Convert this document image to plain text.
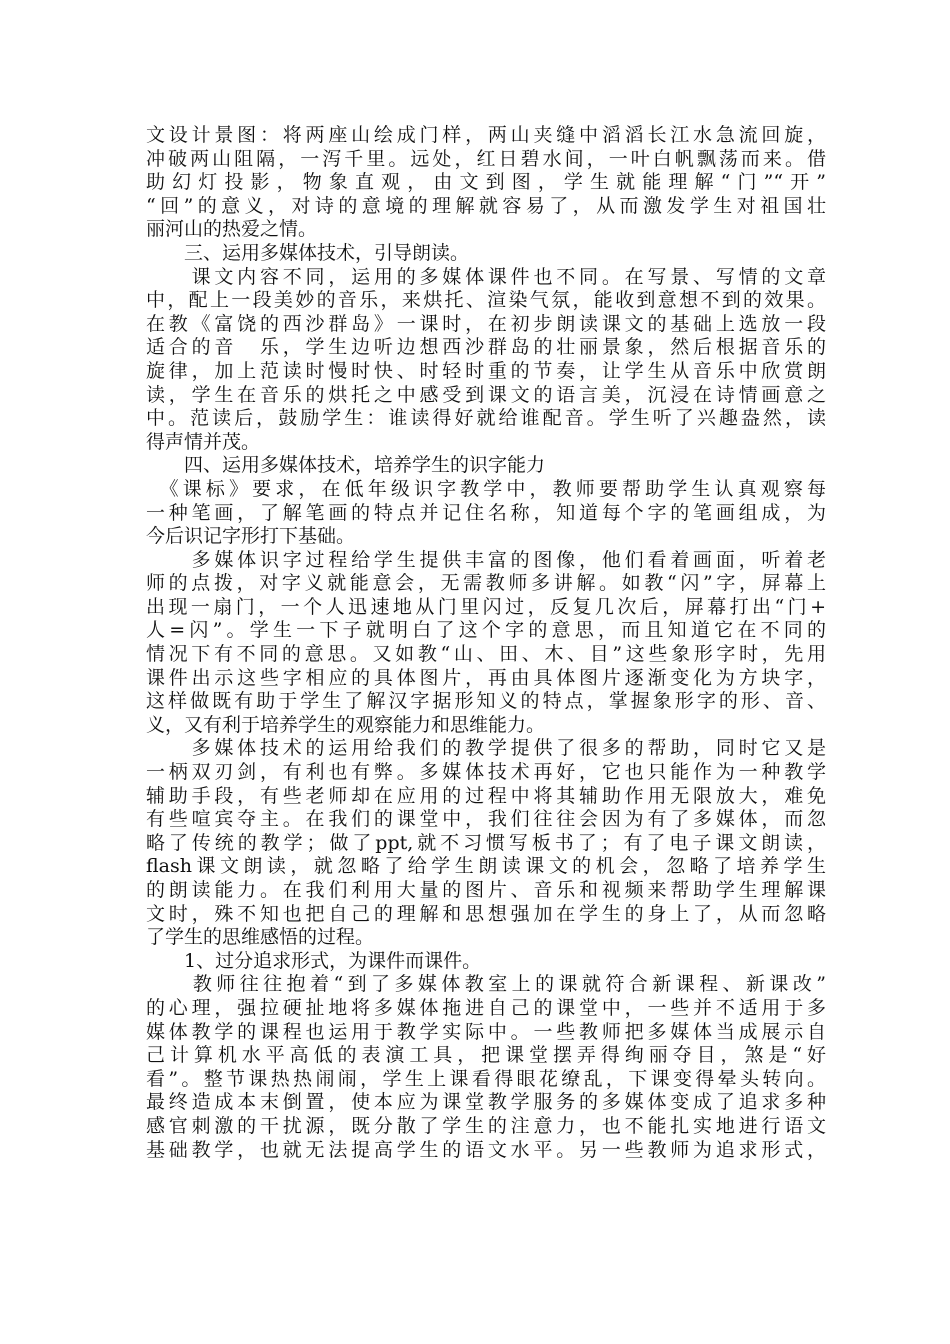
文设计景图：将两座山绘成门样，两山夹缝中滔滔长江水急流回旋，
冲破两山阻隔，一泻千里。远处，红日碧水间，一叶白帆飘荡而来。借
助幻灯投影，物象直观，由文到图，学生就能理解“门”“开”
“回”的意义，对诗的意境的理解就容易了，从而激发学生对祖国壮
丽河山的热爱之情。
　　三、运用多媒体技术，引导朗读。
　　课文内容不同，运用的多媒体课件也不同。在写景、写情的文章
中，配上一段美妙的音乐，来烘托、渲染气氛，能收到意想不到的效果。
在教《富饶的西沙群岛》一课时，在初步朗读课文的基础上选放一段
适合的音　乐，学生边听边想西沙群岛的壮丽景象，然后根据音乐的
旋律，加上范读时慢时快、时轻时重的节奏，让学生从音乐中欣赏朗
读，学生在音乐的烘托之中感受到课文的语言美，沉浸在诗情画意之
中。范读后，鼓励学生：谁读得好就给谁配音。学生听了兴趣盎然，读
得声情并茂。
　　四、运用多媒体技术，培养学生的识字能力
　《课标》要求，在低年级识字教学中，教师要帮助学生认真观察每
一种笔画，了解笔画的特点并记住名称，知道每个字的笔画组成，为
今后识记字形打下基础。
　　多媒体识字过程给学生提供丰富的图像，他们看着画面，听着老
师的点拨，对字义就能意会，无需教师多讲解。如教“闪”字，屏幕上
出现一扇门，一个人迅速地从门里闪过，反复几次后，屏幕打出“门+
人=闪”。学生一下子就明白了这个字的意思，而且知道它在不同的
情况下有不同的意思。又如教“山、田、木、目”这些象形字时，先用
课件出示这些字相应的具体图片，再由具体图片逐渐变化为方块字，
这样做既有助于学生了解汉字据形知义的特点，掌握象形字的形、音、
义，又有利于培养学生的观察能力和思维能力。
　　多媒体技术的运用给我们的教学提供了很多的帮助，同时它又是
一柄双刃剑，有利也有弊。多媒体技术再好，它也只能作为一种教学
辅助手段，有些老师却在应用的过程中将其辅助作用无限放大，难免
有些喧宾夺主。在我们的课堂中，我们往往会因为有了多媒体，而忽
略了传统的教学；做了ppt,就不习惯写板书了；有了电子课文朗读，
flash课文朗读，就忽略了给学生朗读课文的机会，忽略了培养学生
的朗读能力。在我们利用大量的图片、音乐和视频来帮助学生理解课
文时，殊不知也把自己的理解和思想强加在学生的身上了，从而忽略
了学生的思维感悟的过程。
　　1、过分追求形式，为课件而课件。
　　教师往往抱着“到了多媒体教室上的课就符合新课程、新课改”
的心理，强拉硬扯地将多媒体拖进自己的课堂中，一些并不适用于多
媒体教学的课程也运用于教学实际中。一些教师把多媒体当成展示自
己计算机水平高低的表演工具，把课堂摆弄得绚丽夺目，煞是“好
看”。整节课热热闹闹，学生上课看得眼花缭乱，下课变得晕头转向。
最终造成本末倒置，使本应为课堂教学服务的多媒体变成了追求多种
感官刺激的干扰源，既分散了学生的注意力，也不能扎实地进行语文
基础教学，也就无法提高学生的语文水平。另一些教师为追求形式，
